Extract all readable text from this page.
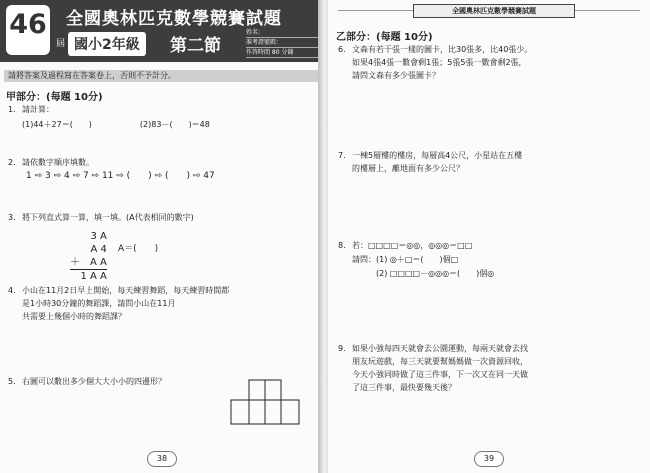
46
屆
全國奧林匹克數學競賽試題
國小2年級	第二節
姓名：
准考證號碼：
作答時間 80 分鐘
請將答案及過程寫在答案卷上，否則不予計分。
甲部分：(每題 10分)
1. 請計算：
(1)44＋27＝(　　)　　　　　　(2)83－(　　)＝48
2. 請依數字順序填數。
1 ⇨ 3 ⇨ 4 ⇨ 7 ⇨ 11 ⇨ (　　) ⇨ (　　) ⇨ 47
3. 將下列直式算一算，填一填。(A代表相同的數字)
3 A
A 4
＋　A A
1 A A
A＝(　　)
4. 小山在11月2日早上開始，每天練習舞蹈，每天練習時間都
是1小時30分鐘的舞蹈課，請問小山在11月
共需要上幾個小時的舞蹈課？
5. 右圖可以數出多少個大大小小的四邊形？
38
全國奧林匹克數學競賽試題
乙部分：(每題 10分)
6. 文森有若干張一樣的圖卡，比30張多，比40張少。
如果4張4張一數會剩1張；5張5張一數會剩2張，
請問文森有多少張圖卡？
7. 一棟5層樓的樓房，每層高4公尺，小星站在五樓
的樓層上，離地面有多少公尺？
8. 若：□□□□＝◎◎，◎◎◎＝□□
請問：(1) ◎＋□＝(　　)個□
　　　(2) □□□□－◎◎◎＝(　　)個◎
9. 如果小強每四天就會去公園運動，每兩天就會去找
朋友玩遊戲，每三天就要幫媽媽做一次資源回收，
今天小強同時做了這三件事，下一次又在同一天做
了這三件事，最快要幾天後？
39
